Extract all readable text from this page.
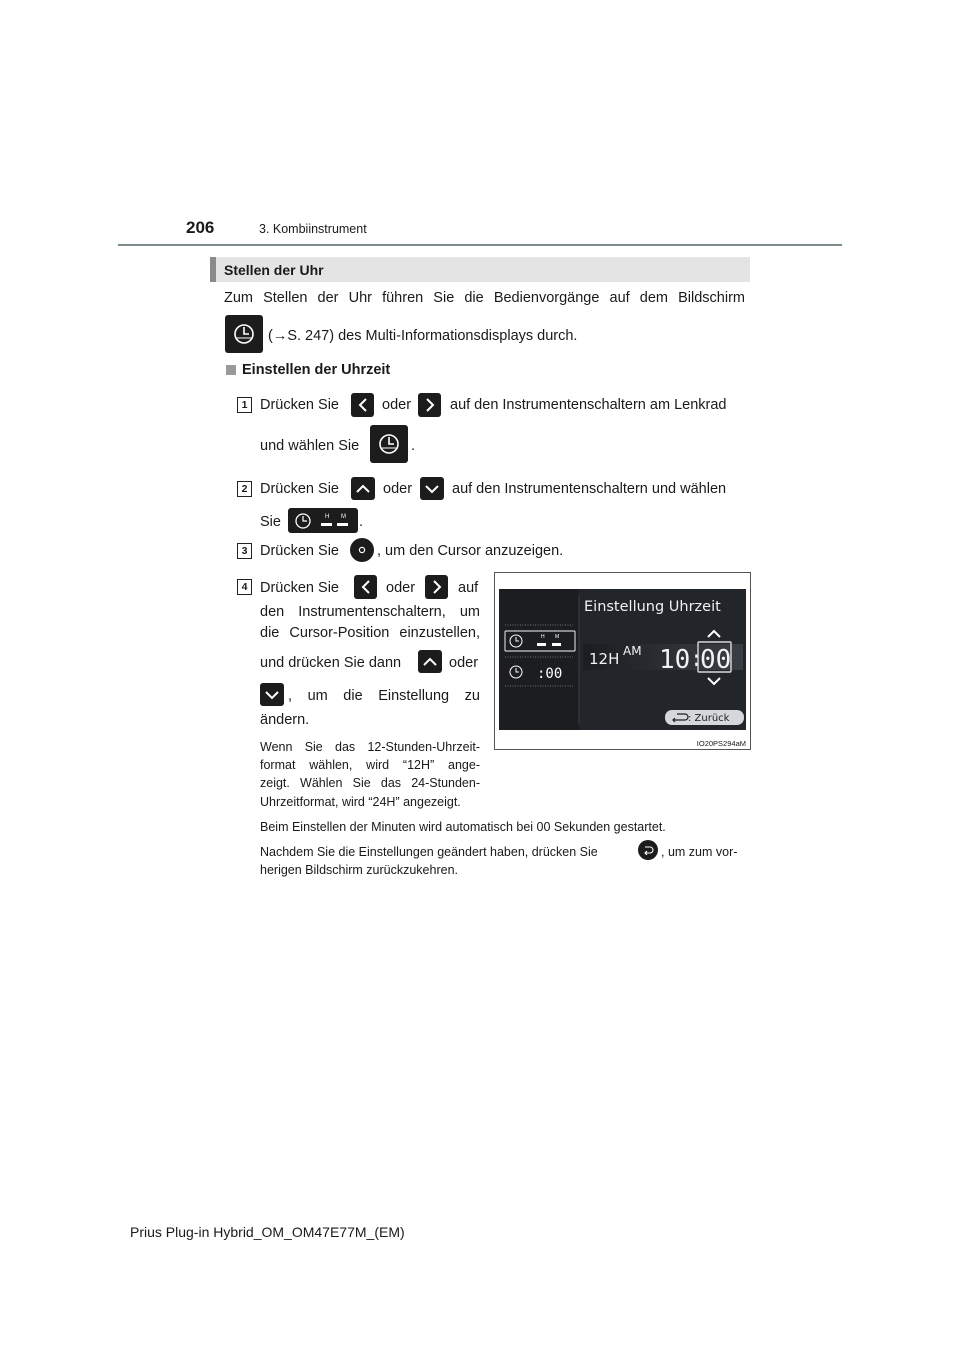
206	3. Kombiinstrument
Stellen der Uhr
Zum Stellen der Uhr führen Sie die Bedienvorgänge auf dem Bildschirm
(→S. 247) des Multi-Informationsdisplays durch.
Einstellen der Uhrzeit
1 Drücken Sie	oder	auf den Instrumentenschaltern am Lenkrad
und wählen Sie	.
2 Drücken Sie	oder	auf den Instrumentenschaltern und wählen
Sie	H M .
3 Drücken Sie	, um den Cursor anzuzeigen.
4 Drücken Sie	oder	auf
den Instrumentenschaltern, um
die Cursor-Position einzustellen,
und drücken Sie dann	oder
, um die Einstellung zu
ändern.
Wenn Sie das 12-Stunden-Uhrzeit-
format wählen, wird “12H” ange-
zeigt. Wählen Sie das 24-Stunden-
Uhrzeitformat, wird “24H” angezeigt.
H M
:00
Einstellung Uhrzeit
12H AM 10 :
00
: Zurück
IO20PS294aM
Beim Einstellen der Minuten wird automatisch bei 00 Sekunden gestartet.
Nachdem Sie die Einstellungen geändert haben, drücken Sie	, um zum vor-
herigen Bildschirm zurückzukehren.
Prius Plug-in Hybrid_OM_OM47E77M_(EM)
